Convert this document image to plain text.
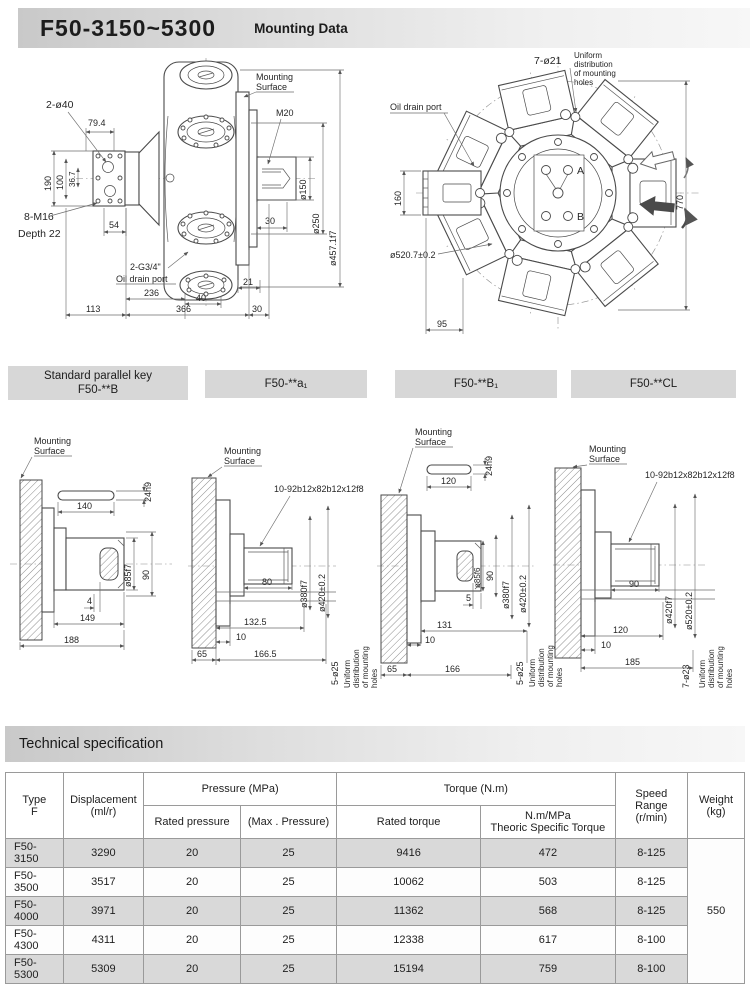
F50-3150~5300	Mounting Data
Mounting
Surface
M20
ø150
ø250
ø457.1f7
30
2-ø40
79.4
190 100 36.7
8-M16
Depth 22
54
2-G3/4"
Oil drain port
236	40
21
113	366	30
A
B
7-ø21 Uniform
distribution
of mounting
holes
Oil drain port
160
ø520.7±0.2
770
95
Standard parallel key
F50-**B
F50-**a₁	F50-**B₁	F50-**CL
Mounting
Surface
140
24h9
ø85f7 90
4
149
188
Mounting
Surface
10-92b12x82b12x12f8
80	ø380f7 ø420±0.2
132.5
10
65	166.5
5-ø25 Uniform distribution of mounting holes
Mounting
Surface
24h9
120
ø85f6 90
ø380f7 ø420±0.2
5
131
10
65	166	5-ø25 Uniform distribution of mounting holes
Mounting
Surface
10-92b12x82b12x12f8
90
ø420f7 ø520±0.2
120
10
185
7-ø23 Uniform distribution of mounting holes
Technical specification
Type
F

Displacement
(ml/r)
	Pressure (MPa)	Torque (N.m)	Speed Range
(r/min)

Weight
(kg)

		Rated pressure	(Max . Pressure)	Rated torque	N.m/MPa
Theoric Specific Torque		

F50-3150	3290	20	25	9416	472	8-125	550
F50-3500	3517	20	25	10062	503	8-125	
F50-4000	3971	20	25	11362	568	8-125	
F50-4300	4311	20	25	12338	617	8-100	
F50-5300	5309	20	25	15194	759	8-100	
